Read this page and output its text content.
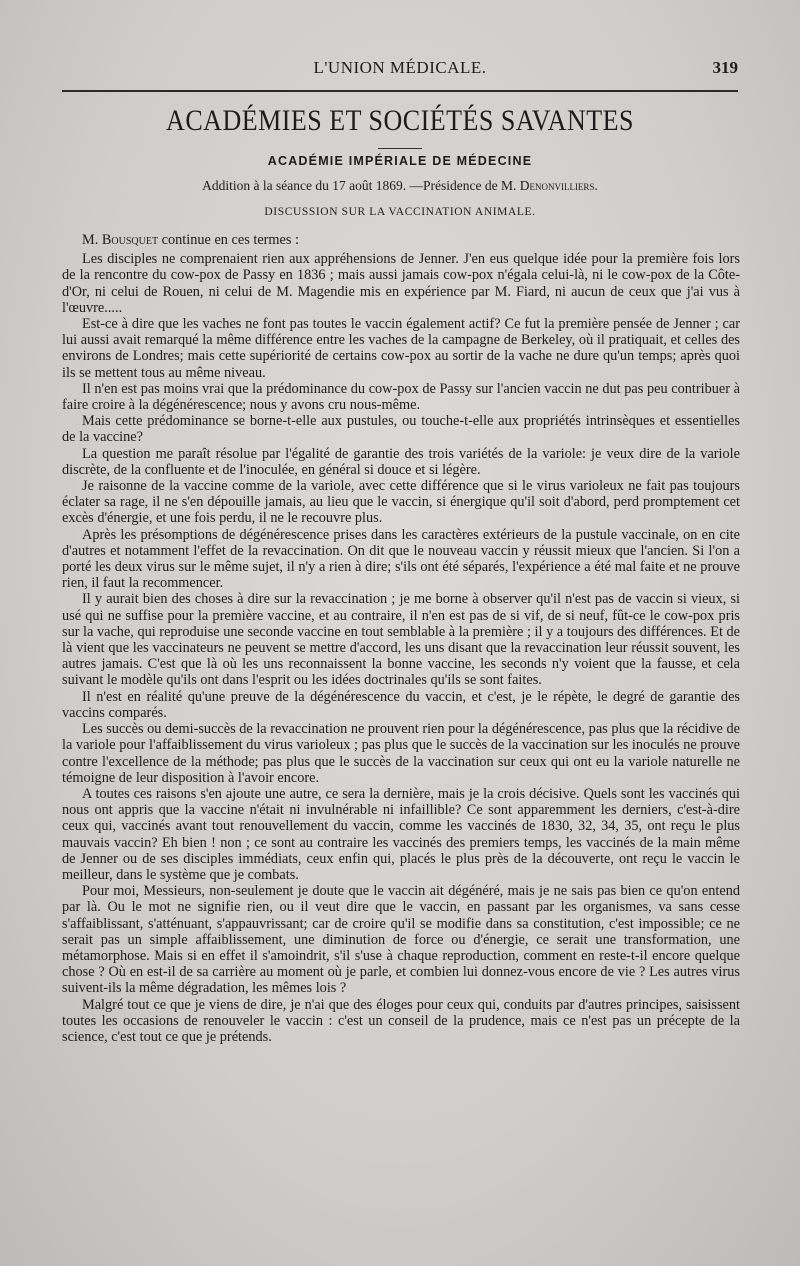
L'UNION MÉDICALE.	319
ACADÉMIES ET SOCIÉTÉS SAVANTES
ACADÉMIE IMPÉRIALE DE MÉDECINE
Addition à la séance du 17 août 1869. —Présidence de M. Denonvilliers.
DISCUSSION SUR LA VACCINATION ANIMALE.

M. Bousquet continue en ces termes :

Les disciples ne comprenaient rien aux appréhensions de Jenner. J'en eus quelque idée pour la première fois lors de la rencontre du cow-pox de Passy en 1836 ; mais aussi jamais cow-pox n'égala celui-là, ni le cow-pox de la Côte-d'Or, ni celui de Rouen, ni celui de M. Magendie mis en expérience par M. Fiard, ni aucun de ceux que j'ai vus à l'œuvre.....

Est-ce à dire que les vaches ne font pas toutes le vaccin également actif? Ce fut la première pensée de Jenner ; car lui aussi avait remarqué la même différence entre les vaches de la campagne de Berkeley, où il pratiquait, et celles des environs de Londres; mais cette supériorité de certains cow-pox au sortir de la vache ne dure qu'un temps; après quoi ils se mettent tous au même niveau.

Il n'en est pas moins vrai que la prédominance du cow-pox de Passy sur l'ancien vaccin ne dut pas peu contribuer à faire croire à la dégénérescence; nous y avons cru nous-même.

Mais cette prédominance se borne-t-elle aux pustules, ou touche-t-elle aux propriétés intrinsèques et essentielles de la vaccine?

La question me paraît résolue par l'égalité de garantie des trois variétés de la variole: je veux dire de la variole discrète, de la confluente et de l'inoculée, en général si douce et si légère.

Je raisonne de la vaccine comme de la variole, avec cette différence que si le virus varioleux ne fait pas toujours éclater sa rage, il ne s'en dépouille jamais, au lieu que le vaccin, si énergique qu'il soit d'abord, perd promptement cet excès d'énergie, et une fois perdu, il ne le recouvre plus.

Après les présomptions de dégénérescence prises dans les caractères extérieurs de la pustule vaccinale, on en cite d'autres et notamment l'effet de la revaccination. On dit que le nouveau vaccin y réussit mieux que l'ancien. Si l'on a porté les deux virus sur le même sujet, il n'y a rien à dire; s'ils ont été séparés, l'expérience a été mal faite et ne prouve rien, il faut la recommencer.

Il y aurait bien des choses à dire sur la revaccination ; je me borne à observer qu'il n'est pas de vaccin si vieux, si usé qui ne suffise pour la première vaccine, et au contraire, il n'en est pas de si vif, de si neuf, fût-ce le cow-pox pris sur la vache, qui reproduise une seconde vaccine en tout semblable à la première ; il y a toujours des différences. Et de là vient que les vaccinateurs ne peuvent se mettre d'accord, les uns disant que la revaccination leur réussit souvent, les autres jamais. C'est que là où les uns reconnaissent la bonne vaccine, les seconds n'y voient que la fausse, et cela suivant le modèle qu'ils ont dans l'esprit ou les idées doctrinales qu'ils se sont faites.

Il n'est en réalité qu'une preuve de la dégénérescence du vaccin, et c'est, je le répète, le degré de garantie des vaccins comparés.

Les succès ou demi-succès de la revaccination ne prouvent rien pour la dégénérescence, pas plus que la récidive de la variole pour l'affaiblissement du virus varioleux ; pas plus que le succès de la vaccination sur les inoculés ne prouve contre l'excellence de la méthode; pas plus que le succès de la vaccination sur ceux qui ont eu la variole naturelle ne témoigne de leur disposition à l'avoir encore.

A toutes ces raisons s'en ajoute une autre, ce sera la dernière, mais je la crois décisive. Quels sont les vaccinés qui nous ont appris que la vaccine n'était ni invulnérable ni infaillible? Ce sont apparemment les derniers, c'est-à-dire ceux qui, vaccinés avant tout renouvellement du vaccin, comme les vaccinés de 1830, 32, 34, 35, ont reçu le plus mauvais vaccin? Eh bien ! non ; ce sont au contraire les vaccinés des premiers temps, les vaccinés de la main même de Jenner ou de ses disciples immédiats, ceux enfin qui, placés le plus près de la découverte, ont reçu le vaccin le meilleur, dans le système que je combats.

Pour moi, Messieurs, non-seulement je doute que le vaccin ait dégénéré, mais je ne sais pas bien ce qu'on entend par là. Ou le mot ne signifie rien, ou il veut dire que le vaccin, en passant par les organismes, va sans cesse s'affaiblissant, s'atténuant, s'appauvrissant; car de croire qu'il se modifie dans sa constitution, c'est impossible; ce ne serait pas un simple affaiblissement, une diminution de force ou d'énergie, ce serait une transformation, une métamorphose. Mais si en effet il s'amoindrit, s'il s'use à chaque reproduction, comment en reste-t-il encore quelque chose ? Où en est-il de sa carrière au moment où je parle, et combien lui donnez-vous encore de vie ? Les autres virus suivent-ils la même dégradation, les mêmes lois ?

Malgré tout ce que je viens de dire, je n'ai que des éloges pour ceux qui, conduits par d'autres principes, saisissent toutes les occasions de renouveler le vaccin : c'est un conseil de la prudence, mais ce n'est pas un précepte de la science, c'est tout ce que je prétends.
